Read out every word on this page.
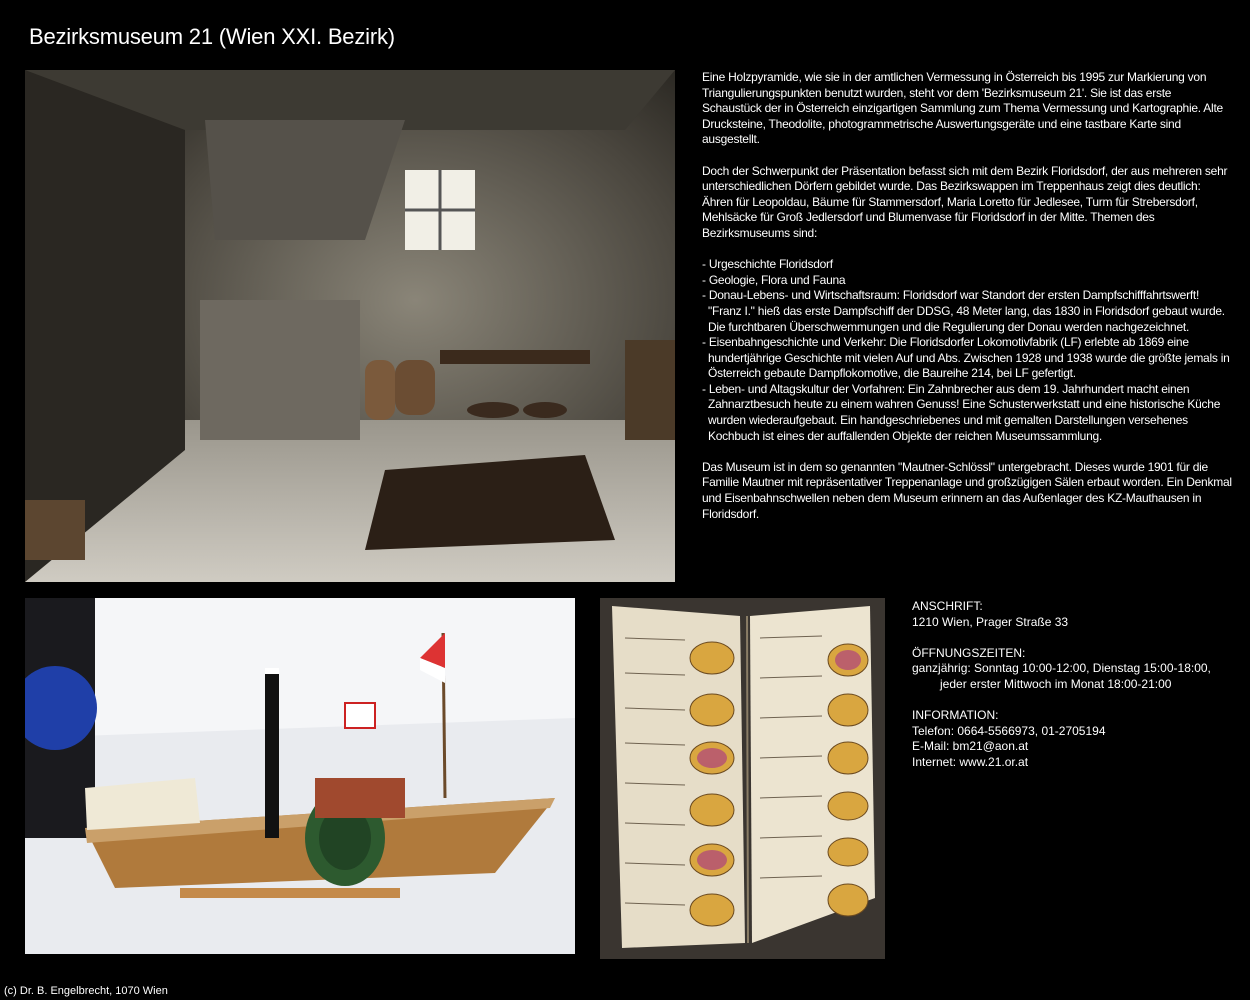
Bezirksmuseum 21 (Wien XXI. Bezirk)

Eine Holzpyramide, wie sie in der amtlichen Vermessung in Österreich bis 1995 zur Markierung von Triangulierungspunkten benutzt wurden, steht vor dem 'Bezirksmuseum 21'. Sie ist das erste Schaustück der in Österreich einzigartigen Sammlung zum Thema Vermessung und Kartographie. Alte Drucksteine, Theodolite, photogrammetrische Auswertungsgeräte und eine tastbare Karte sind ausgestellt.

Doch der Schwerpunkt der Präsentation befasst sich mit dem Bezirk Floridsdorf, der aus mehreren sehr unterschiedlichen Dörfern gebildet wurde. Das Bezirkswappen im Treppenhaus zeigt dies deutlich: Ähren für Leopoldau, Bäume für Stammersdorf, Maria Loretto für Jedlesee, Turm für Strebersdorf, Mehlsäcke für Groß Jedlersdorf und Blumenvase für Floridsdorf in der Mitte. Themen des Bezirksmuseums sind:

- Urgeschichte Floridsdorf
- Geologie, Flora und Fauna
- Donau-Lebens- und Wirtschaftsraum: Floridsdorf war Standort der ersten Dampfschifffahrtswerft! "Franz I." hieß das erste Dampfschiff der DDSG, 48 Meter lang, das 1830 in Floridsdorf gebaut wurde. Die furchtbaren Überschwemmungen und die Regulierung der Donau werden nachgezeichnet.
- Eisenbahngeschichte und Verkehr: Die Floridsdorfer Lokomotivfabrik (LF) erlebte ab 1869 eine hundertjährige Geschichte mit vielen Auf und Abs. Zwischen 1928 und 1938 wurde die größte jemals in Österreich gebaute Dampflokomotive, die Baureihe 214, bei LF gefertigt.
- Leben- und Altagskultur der Vorfahren: Ein Zahnbrecher aus dem 19. Jahrhundert macht einen Zahnarztbesuch heute zu einem wahren Genuss! Eine Schusterwerkstatt und eine historische Küche wurden wiederaufgebaut. Ein handgeschriebenes und mit gemalten Darstellungen versehenes Kochbuch ist eines der auffallenden Objekte der reichen Museumssammlung.

Das Museum ist in dem so genannten "Mautner-Schlössl" untergebracht. Dieses wurde 1901 für die Familie Mautner mit repräsentativer Treppenanlage und großzügigen Sälen erbaut worden. Ein Denkmal und Eisenbahnschwellen neben dem Museum erinnern an das Außenlager des KZ-Mauthausen in Floridsdorf.

ANSCHRIFT:
1210 Wien, Prager Straße 33
ÖFFNUNGSZEITEN:
ganzjährig: Sonntag 10:00-12:00, Dienstag 15:00-18:00,
jeder erster Mittwoch im Monat 18:00-21:00
INFORMATION:
Telefon: 0664-5566973, 01-2705194
E-Mail: bm21@aon.at
Internet: www.21.or.at
(c) Dr. B. Engelbrecht, 1070 Wien
